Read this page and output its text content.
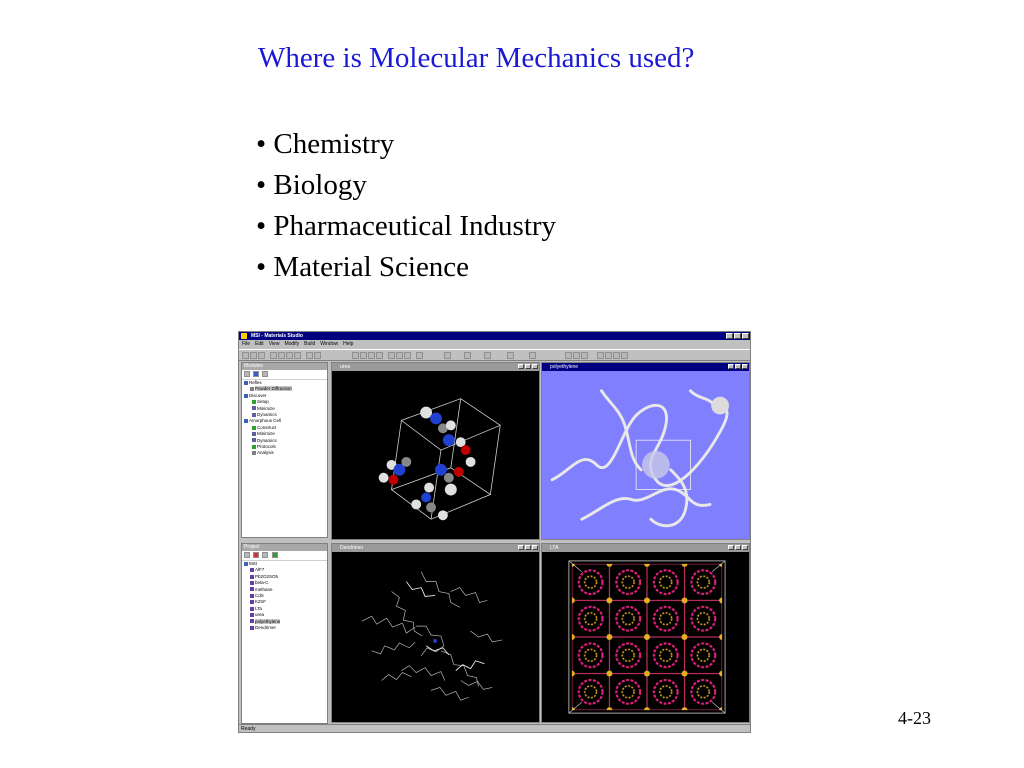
Where is Molecular Mechanics used?
• Chemistry
• Biology
• Pharmaceutical Industry
• Material Science
4-23
MSI - Materials Studio
File Edit View Modify Build Window Help
Modules
Reflex
Powder Diffraction
Discover
Setup
Minimize
Dynamics
Amorphous Cell
Construct
Minimize
Dynamics
Protocols
Analysis
Project
MSI
AlF7
Pb2O2SO5
beta-C
methane
CdS
KZnF
LTa
urea
polyethylene
Dendrimer
urea	polyethylene
Dendrimer	LTA
Ready
